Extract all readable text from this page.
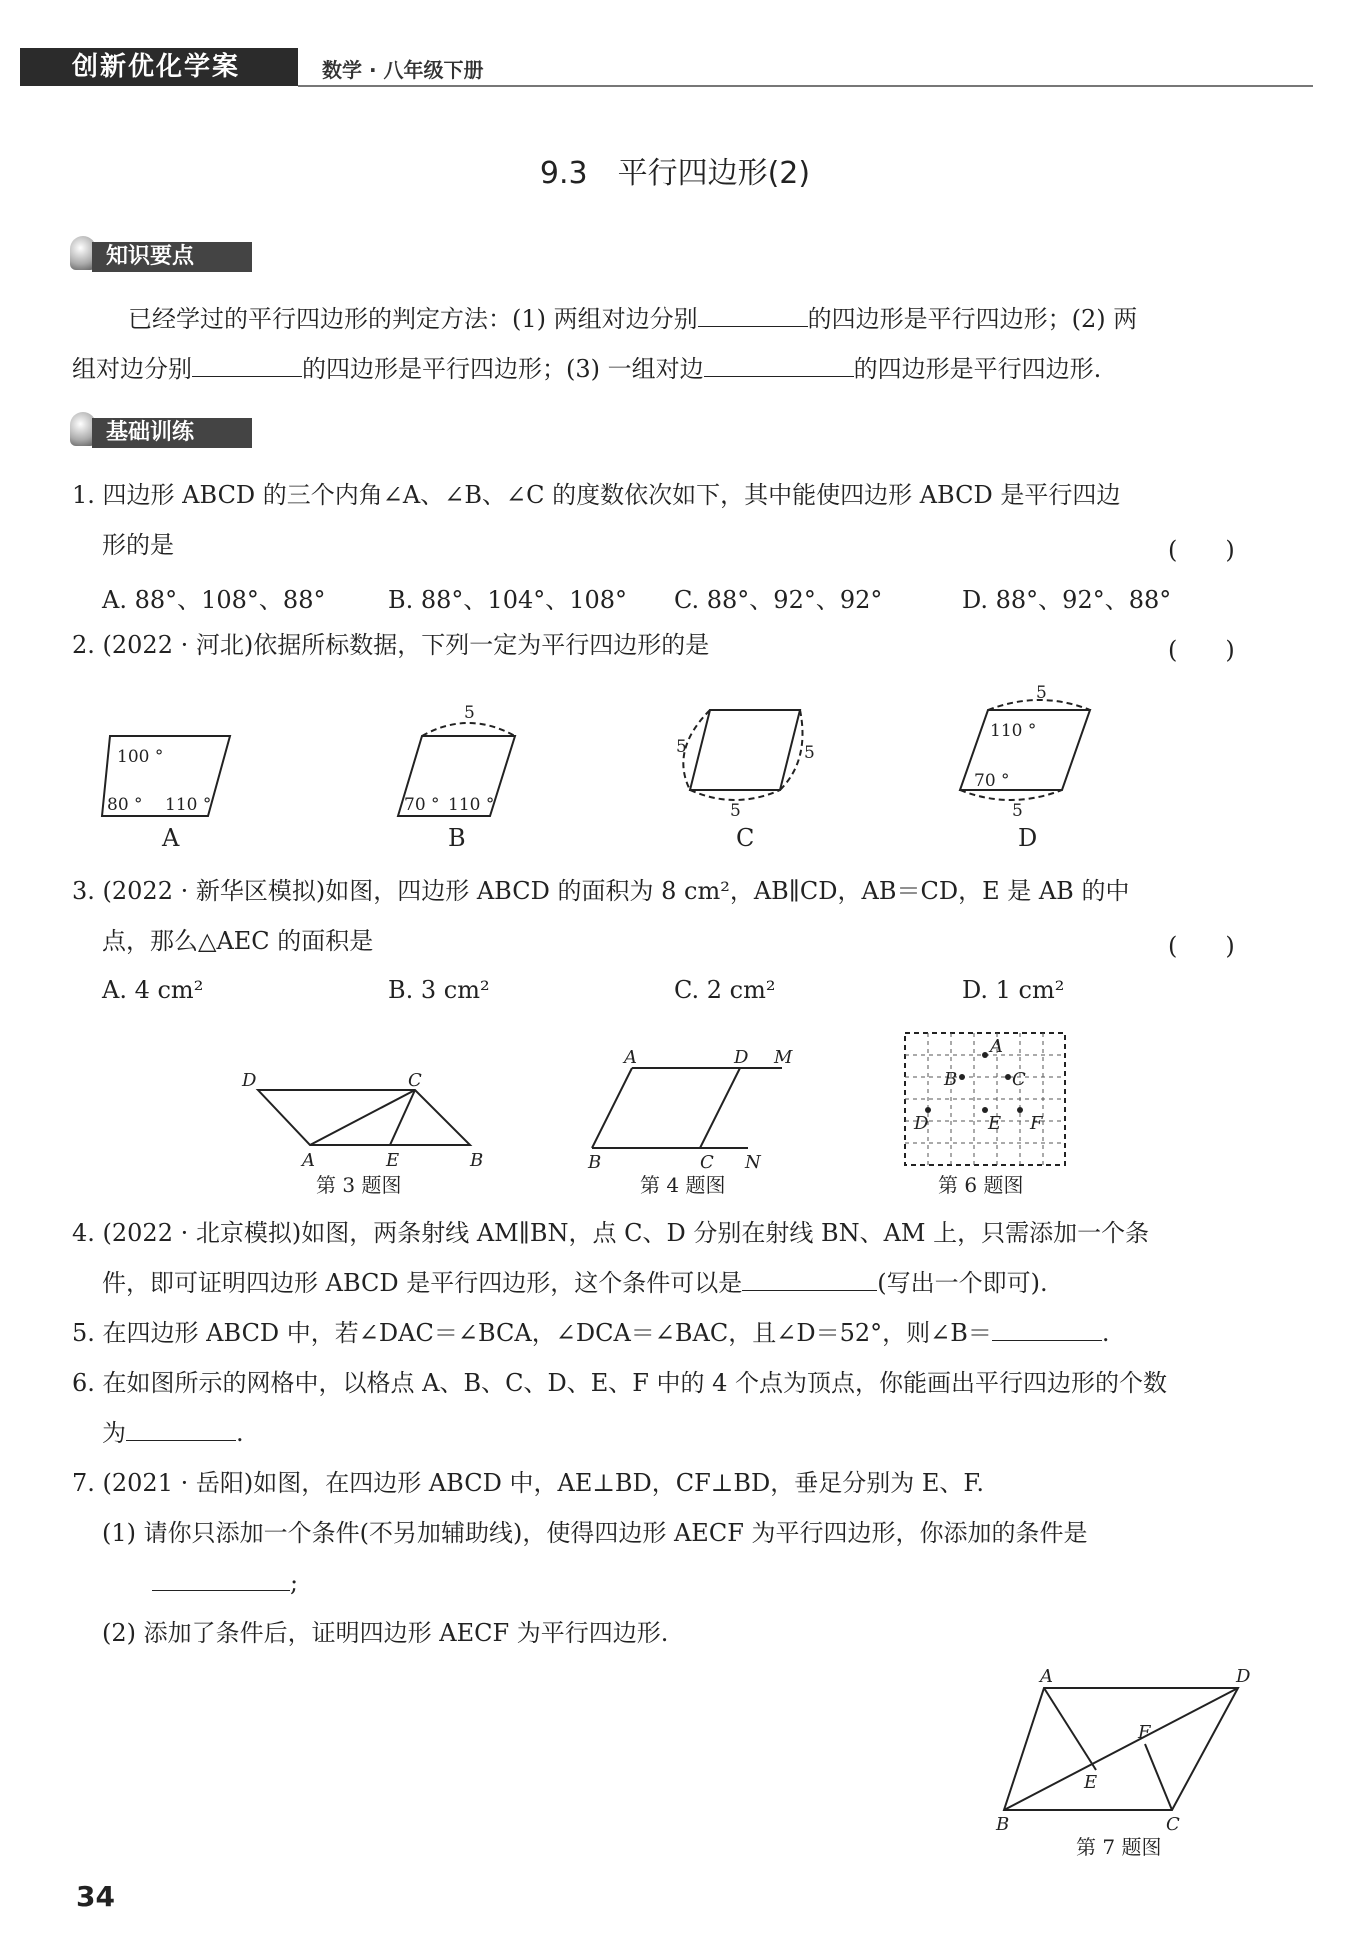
创新优化学案	数学 · 八年级下册
9.3　平行四边形(2)
知识要点
已经学过的平行四边形的判定方法：(1) 两组对边分别	的四边形是平行四边形；(2) 两
组对边分别	的四边形是平行四边形；(3) 一组对边	的四边形是平行四边形.
基础训练
1. 四边形 ABCD 的三个内角∠A、∠B、∠C 的度数依次如下，其中能使四边形 ABCD 是平行四边
形的是	(　　)
A. 88°、108°、88°	B. 88°、104°、108° C. 88°、92°、92°	D. 88°、92°、88°
2. (2022 · 河北)依据所标数据，下列一定为平行四边形的是	(　　)
100 °
80 ° 110 °
A
5
70 ° 110 °
B
5	5
5
C
5
110 °
70 °
5
D
3. (2022 · 新华区模拟)如图，四边形 ABCD 的面积为 8 cm²，AB∥CD，AB＝CD，E 是 AB 的中
点，那么△AEC 的面积是	(　　)
A. 4 cm²	B. 3 cm²	C. 2 cm²	D. 1 cm²
D	C
A	E	B
A	D M
B	C N
A
B	C
D	E F
第 3 题图	第 4 题图	第 6 题图
4. (2022 · 北京模拟)如图，两条射线 AM∥BN，点 C、D 分别在射线 BN、AM 上，只需添加一个条
件，即可证明四边形 ABCD 是平行四边形，这个条件可以是	(写出一个即可).
5. 在四边形 ABCD 中，若∠DAC＝∠BCA，∠DCA＝∠BAC，且∠D＝52°，则∠B＝	.
6. 在如图所示的网格中，以格点 A、B、C、D、E、F 中的 4 个点为顶点，你能画出平行四边形的个数
为	.
7. (2021 · 岳阳)如图，在四边形 ABCD 中，AE⊥BD，CF⊥BD，垂足分别为 E、F.
(1) 请你只添加一个条件(不另加辅助线)，使得四边形 AECF 为平行四边形，你添加的条件是
;
(2) 添加了条件后，证明四边形 AECF 为平行四边形.
A	D
F
E
B	C
第 7 题图
34
